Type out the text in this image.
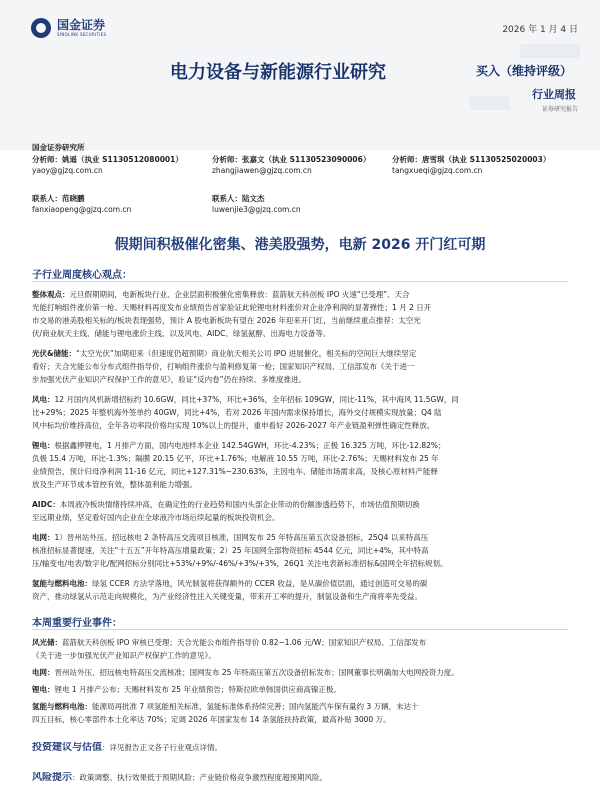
国金证券
SINOLINK SECURITIES	2026 年 1 月 4 日
电力设备与新能源行业研究	买入（维持评级）
行业周报
证券研究报告
国金证券研究所
分析师：姚遥（执业 S1130512080001）
yaoy@gjzq.com.cn
分析师：张嘉文（执业 S1130523090006）
zhangjiawen@gjzq.com.cn
分析师：唐雪琪（执业 S1130525020003）
tangxueqi@gjzq.com.cn
联系人：范晓鹏
fanxiaopeng@gjzq.com.cn
联系人：陆文杰
luwenjie3@gjzq.com.cn
假期间积极催化密集、港美股强势，电新 2026 开门红可期
子行业周度核心观点：
整体观点：元旦假期期间，电新板块行业、企业层面积极催化密集释放：蓝箭航天科创板 IPO 火速“已受理”、天合
光能打响组件涨价第一枪、天赐材料再度发布业绩预告首家验证此轮锂电材料涨价对企业净利润的显著弹性；1 月 2 日开
市交易的港美股相关标的/板块表现强势，预计 A 股电新板块有望在 2026 年迎来开门红，当前继续重点推荐：太空光
伏/商业航天主线、储能与锂电涨价主线、以及风电、AIDC、绿氢氨醇、出海电力设备等。
光伏&储能：“太空光伏”加期迎来（但速度仍超预期）商业航天相关公司 IPO 进展催化，相关标的空间巨大继续坚定
看好；天合光能公布分布式组件指导价，打响组件涨价与盈利修复第一枪；国家知识产权局、工信部发布《关于进一
步加强光伏产业知识产权保护工作的意见》，验证“反内卷”仍在持续、多维度推进。
风电：12 月国内风机新增招标约 10.6GW，同比+37%，环比+36%，全年招标 109GW，同比-11%，其中海风 11.5GW，同
比+29%；2025 年整机海外签单约 40GW，同比+4%，若对 2026 年国内需求保持增长，海外交付规模实现放量；Q4 陆
风中标均价维持高位，全年各功率段价格均实现 10%以上的提升，重申看好 2026-2027 年产业链盈利弹性确定性释放。
锂电：根据鑫椤锂电，1 月排产方面，国内电池样本企业 142.54GWH，环比-4.23%；正极 16.325 万吨，环比-12.82%；
负极 15.4 万吨，环比-1.3%；隔膜 20.15 亿平，环比+1.76%；电解液 10.55 万吨，环比-2.76%；天赐材料发布 25 年
业绩预告，预计归母净利润 11-16 亿元，同比+127.31%~230.63%，主因电车、储能市场需求高，及核心原材料产能释
放及生产环节成本管控有效，整体盈利能力增强。
AIDC：本周液冷板块情绪持续冲高，在确定性的行业趋势和国内头部企业带动的份额渗透趋势下，市场估值预期切换
至远期业绩，坚定看好国内企业在全球液冷市场后续起量的板块投资机会。
电网：1）晋州站外压、招远核电 2 条特高压交流项目核准，国网发布 25 年特高压第五次设备招标，25Q4 以来特高压
核准招标显著提速，关注“十五五”开年特高压增量政策；2）25 年国网全部物资招标 4544 亿元，同比+4%，其中特高
压/输变电/电表/数字化/配网招标分别同比+53%/+9%/-46%/+3%/+3%，26Q1 关注电表新标准招标&国网全年招标规划。
氢能与燃料电池：绿氢 CCER 方法学落地，风光制氢将获得额外的 CCER 收益，是从碳价值层面，通过创造可交易的碳
资产，推动绿氢从示范走向规模化，为产业经济性注入关键变量，带来开工率的提升，制氢设备和生产商将率先受益。
本周重要行业事件：
风光储：蓝箭航天科创板 IPO 审核已受理；天合光能公布组件指导价 0.82~1.06 元/W；国家知识产权局、工信部发布
《关于进一步加强光伏产业知识产权保护工作的意见》。
电网：晋州站外压、招远核电特高压交流核准；国网发布 25 年特高压第五次设备招标发布；国网董事长明确加大电网投资力度。
锂电：锂电 1 月排产公布；天赐材料发布 25 年业绩预告；特斯拉欧单韩国供应商高镍正极。
氢能与燃料电池：能源局再批准 7 项氢能相关标准，氢能标准体系持续完善；国内氢能汽车保有量约 3 万辆，未达十
四五目标，核心零部件本土化率达 70%；定调 2026 年国家发布 14 条氢能扶持政策，最高补贴 3000 万。
投资建议与估值：详见报告正文各子行业观点详情。
风险提示：政策调整、执行效果低于预期风险；产业链价格竞争激烈程度超预期风险。
